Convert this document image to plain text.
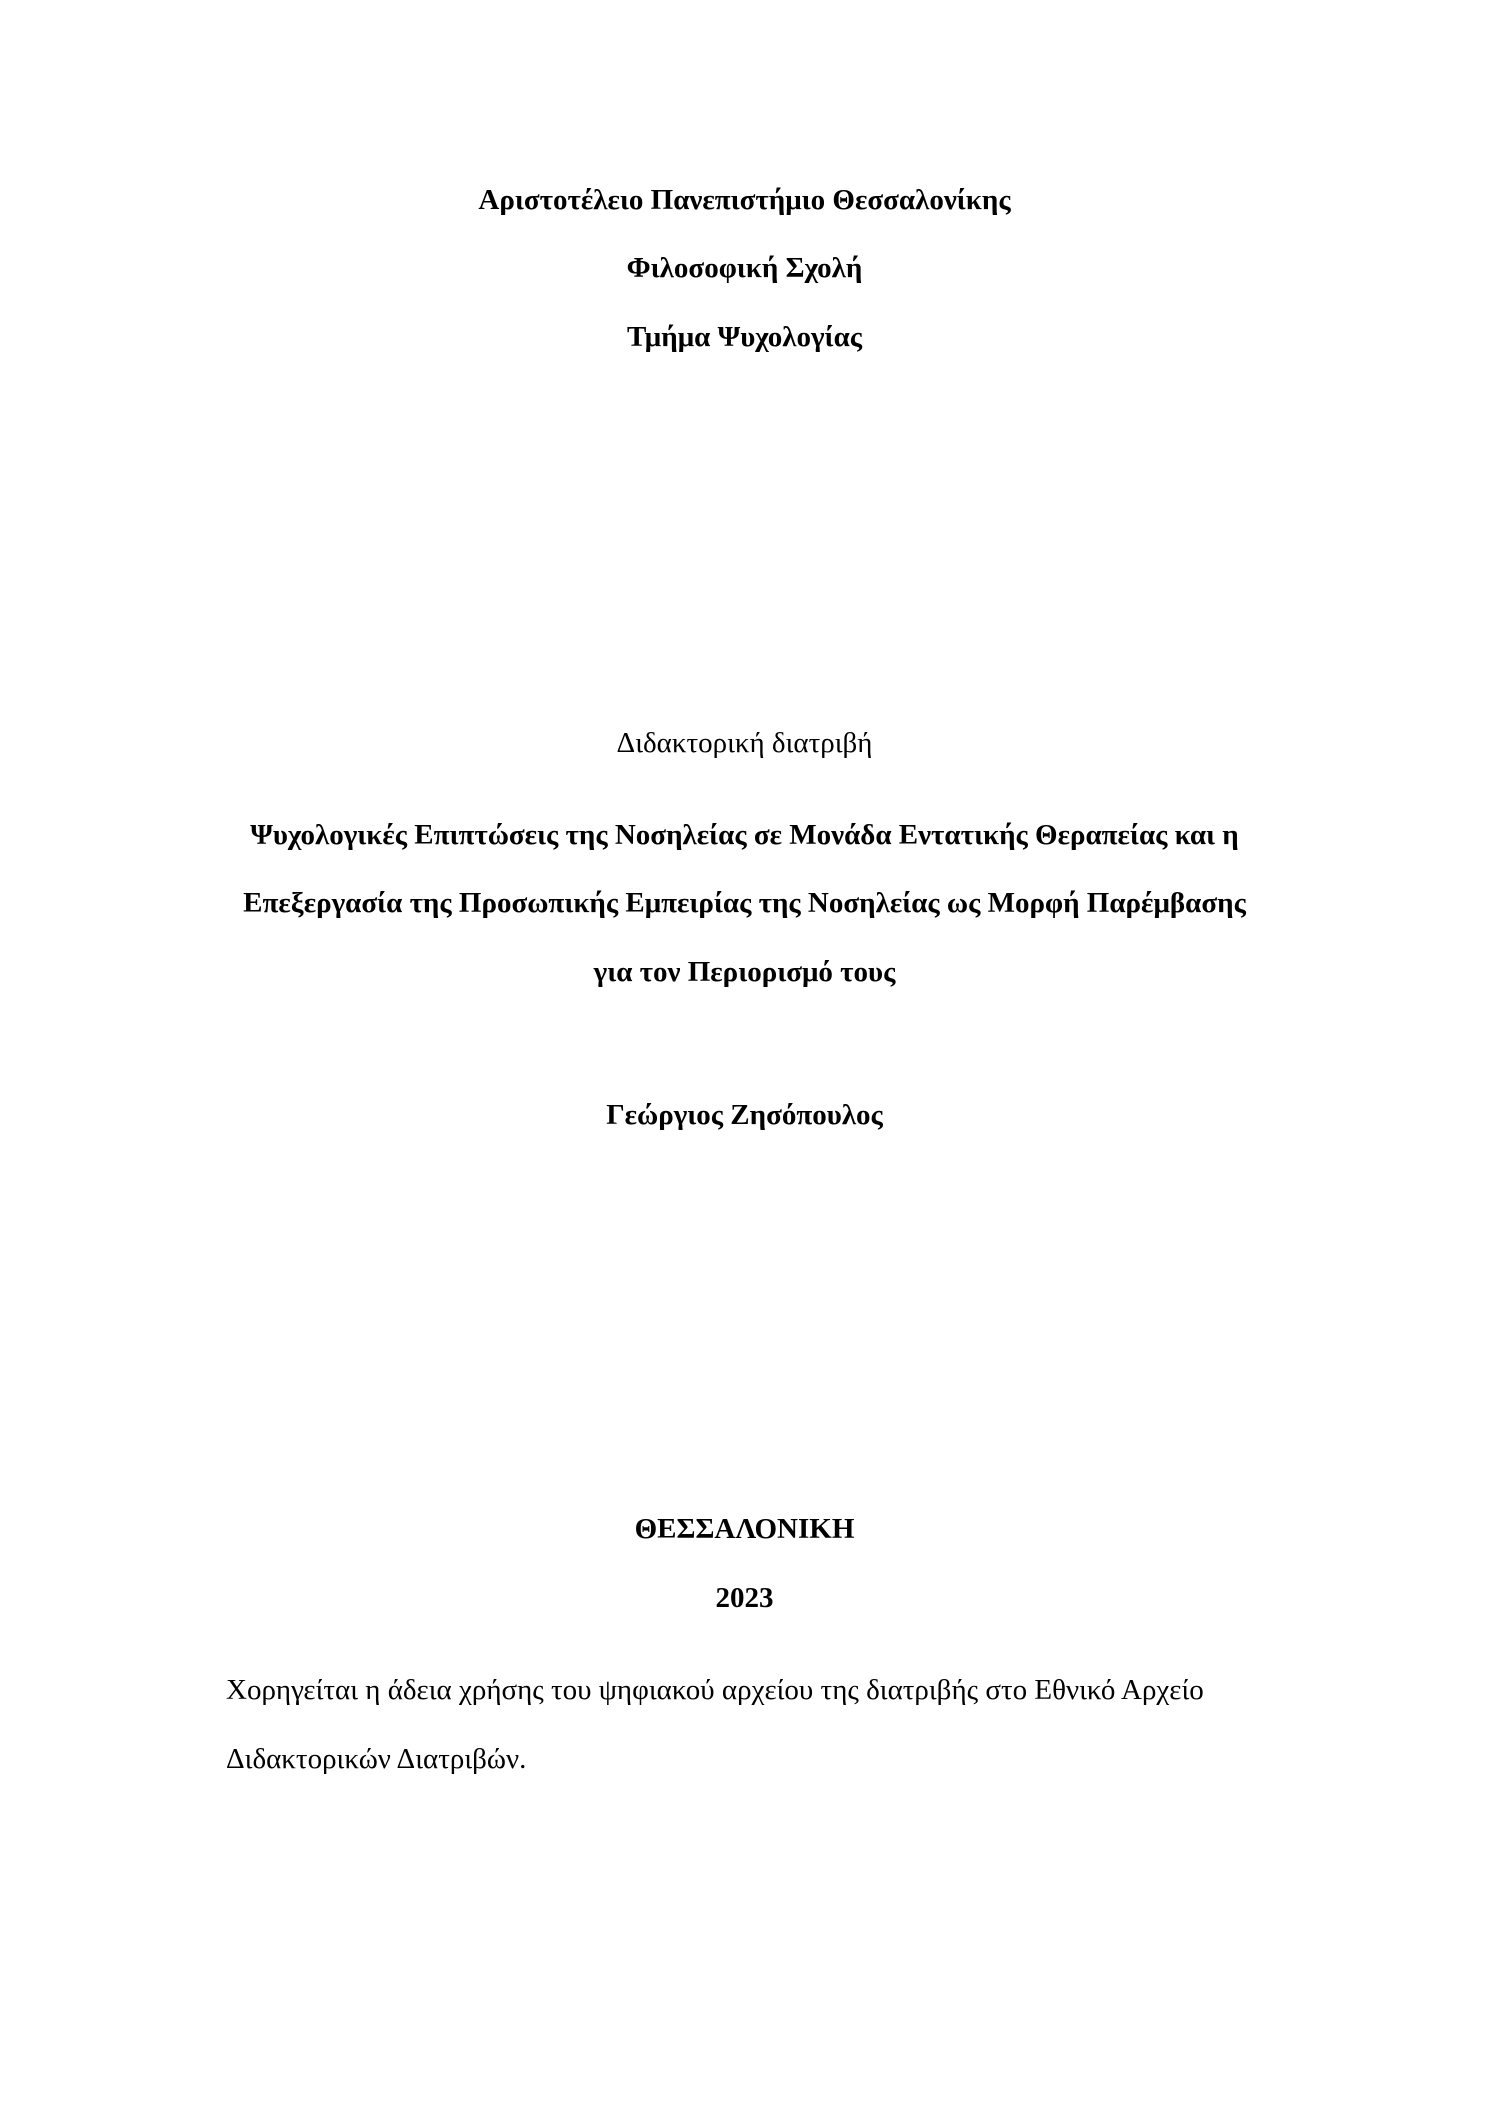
Αριστοτέλειο Πανεπιστήμιο Θεσσαλονίκης
Φιλοσοφική Σχολή
Τμήμα Ψυχολογίας
Διδακτορική διατριβή
Ψυχολογικές Επιπτώσεις της Νοσηλείας σε Μονάδα Εντατικής Θεραπείας και η
Επεξεργασία της Προσωπικής Εμπειρίας της Νοσηλείας ως Μορφή Παρέμβασης
για τον Περιορισμό τους
Γεώργιος Ζησόπουλος
ΘΕΣΣΑΛΟΝΙΚΗ
2023
Χορηγείται η άδεια χρήσης του ψηφιακού αρχείου της διατριβής στο Εθνικό Αρχείο
Διδακτορικών Διατριβών.
